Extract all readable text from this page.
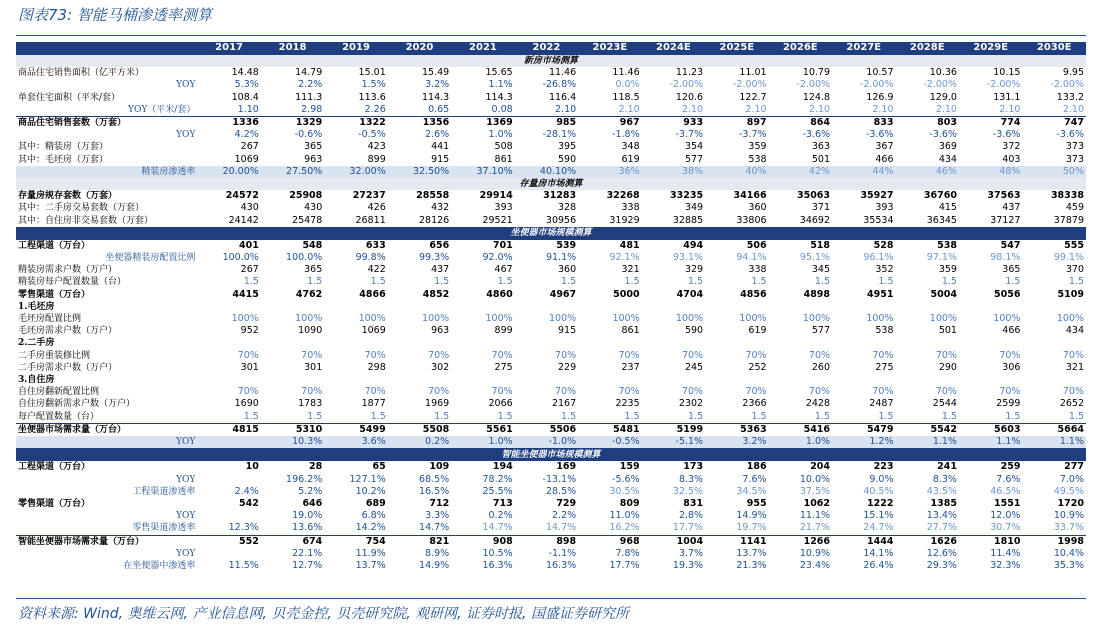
图表73: 智能马桶渗透率测算
	2017	2018	2019	2020	2021	2022	2023E	2024E	2025E	2026E	2027E	2028E	2029E	2030E
新房市场测算														
商品住宅销售面积（亿平方米）	14.48	14.79	15.01	15.49	15.65	11.46	11.46	11.23	11.01	10.79	10.57	10.36	10.15	9.95
YOY	5.3%	2.2%	1.5%	3.2%	1.1%	-26.8%	0.0%	-2.00%	-2.00%	-2.00%	-2.00%	-2.00%	-2.00%	-2.00%
单套住宅面积（平米/套）	108.4	111.3	113.6	114.3	114.3	116.4	118.5	120.6	122.7	124.8	126.9	129.0	131.1	133.2
YOY（平米/套）	1.10	2.98	2.26	0.65	0.08	2.10	2.10	2.10	2.10	2.10	2.10	2.10	2.10	2.10
商品住宅销售套数（万套）	1336	1329	1322	1356	1369	985	967	933	897	864	833	803	774	747
YOY	4.2%	-0.6%	-0.5%	2.6%	1.0%	-28.1%	-1.8%	-3.7%	-3.7%	-3.6%	-3.6%	-3.6%	-3.6%	-3.6%
其中：精装房（万套）	267	365	423	441	508	395	348	354	359	363	367	369	372	373
其中：毛坯房（万套）	1069	963	899	915	861	590	619	577	538	501	466	434	403	373
精装房渗透率	20.00%	27.50%	32.00%	32.50%	37.10%	40.10%	36%	38%	40%	42%	44%	46%	48%	50%
存量房市场测算														
存量房规存套数（万套）	24572	25908	27237	28558	29914	31283	32268	33235	34166	35063	35927	36760	37563	38338
其中：二手房交易套数（万套）	430	430	426	432	393	328	338	349	360	371	393	415	437	459
其中：自住房非交易套数（万套）	24142	25478	26811	28126	29521	30956	31929	32885	33806	34692	35534	36345	37127	37879
坐便器市场规模测算														
工程渠道（万台）	401	548	633	656	701	539	481	494	506	518	528	538	547	555
坐便器精装房配置比例	100.0%	100.0%	99.8%	99.3%	92.0%	91.1%	92.1%	93.1%	94.1%	95.1%	96.1%	97.1%	98.1%	99.1%
精装房需求户数（万户）	267	365	422	437	467	360	321	329	338	345	352	359	365	370
精装房每户配置数量（台）	1.5	1.5	1.5	1.5	1.5	1.5	1.5	1.5	1.5	1.5	1.5	1.5	1.5	1.5
零售渠道（万台）	4415	4762	4866	4852	4860	4967	5000	4704	4856	4898	4951	5004	5056	5109
1.毛坯房														
毛坯房配置比例	100%	100%	100%	100%	100%	100%	100%	100%	100%	100%	100%	100%	100%	100%
毛坯房需求户数（万户）	952	1090	1069	963	899	915	861	590	619	577	538	501	466	434
2.二手房														
二手房重装修比例	70%	70%	70%	70%	70%	70%	70%	70%	70%	70%	70%	70%	70%	70%
二手房需求户数（万户）	301	301	298	302	275	229	237	245	252	260	275	290	306	321
3.自住房														
自住房翻新配置比例	70%	70%	70%	70%	70%	70%	70%	70%	70%	70%	70%	70%	70%	70%
自住房翻新需求户数（万户）	1690	1783	1877	1969	2066	2167	2235	2302	2366	2428	2487	2544	2599	2652
每户配置数量（台）	1.5	1.5	1.5	1.5	1.5	1.5	1.5	1.5	1.5	1.5	1.5	1.5	1.5	1.5
坐便器市场需求量（万台）	4815	5310	5499	5508	5561	5506	5481	5199	5363	5416	5479	5542	5603	5664
YOY		10.3%	3.6%	0.2%	1.0%	-1.0%	-0.5%	-5.1%	3.2%	1.0%	1.2%	1.1%	1.1%	1.1%
智能坐便器市场规模测算														
工程渠道（万台）	10	28	65	109	194	169	159	173	186	204	223	241	259	277
YOY		196.2%	127.1%	68.5%	78.2%	-13.1%	-5.6%	8.3%	7.6%	10.0%	9.0%	8.3%	7.6%	7.0%
工程渠道渗透率	2.4%	5.2%	10.2%	16.5%	25.5%	28.5%	30.5%	32.5%	34.5%	37.5%	40.5%	43.5%	46.5%	49.5%
零售渠道（万台）	542	646	689	712	713	729	809	831	955	1062	1222	1385	1551	1720
YOY		19.0%	6.8%	3.3%	0.2%	2.2%	11.0%	2.8%	14.9%	11.1%	15.1%	13.4%	12.0%	10.9%
零售渠道渗透率	12.3%	13.6%	14.2%	14.7%	14.7%	14.7%	16.2%	17.7%	19.7%	21.7%	24.7%	27.7%	30.7%	33.7%
智能坐便器市场需求量（万台）	552	674	754	821	908	898	968	1004	1141	1266	1444	1626	1810	1998
YOY		22.1%	11.9%	8.9%	10.5%	-1.1%	7.8%	3.7%	13.7%	10.9%	14.1%	12.6%	11.4%	10.4%
在坐便器中渗透率	11.5%	12.7%	13.7%	14.9%	16.3%	16.3%	17.7%	19.3%	21.3%	23.4%	26.4%	29.3%	32.3%	35.3%
资料来源: Wind, 奥维云网, 产业信息网, 贝壳金控, 贝壳研究院, 观研网, 证券时报, 国盛证券研究所
